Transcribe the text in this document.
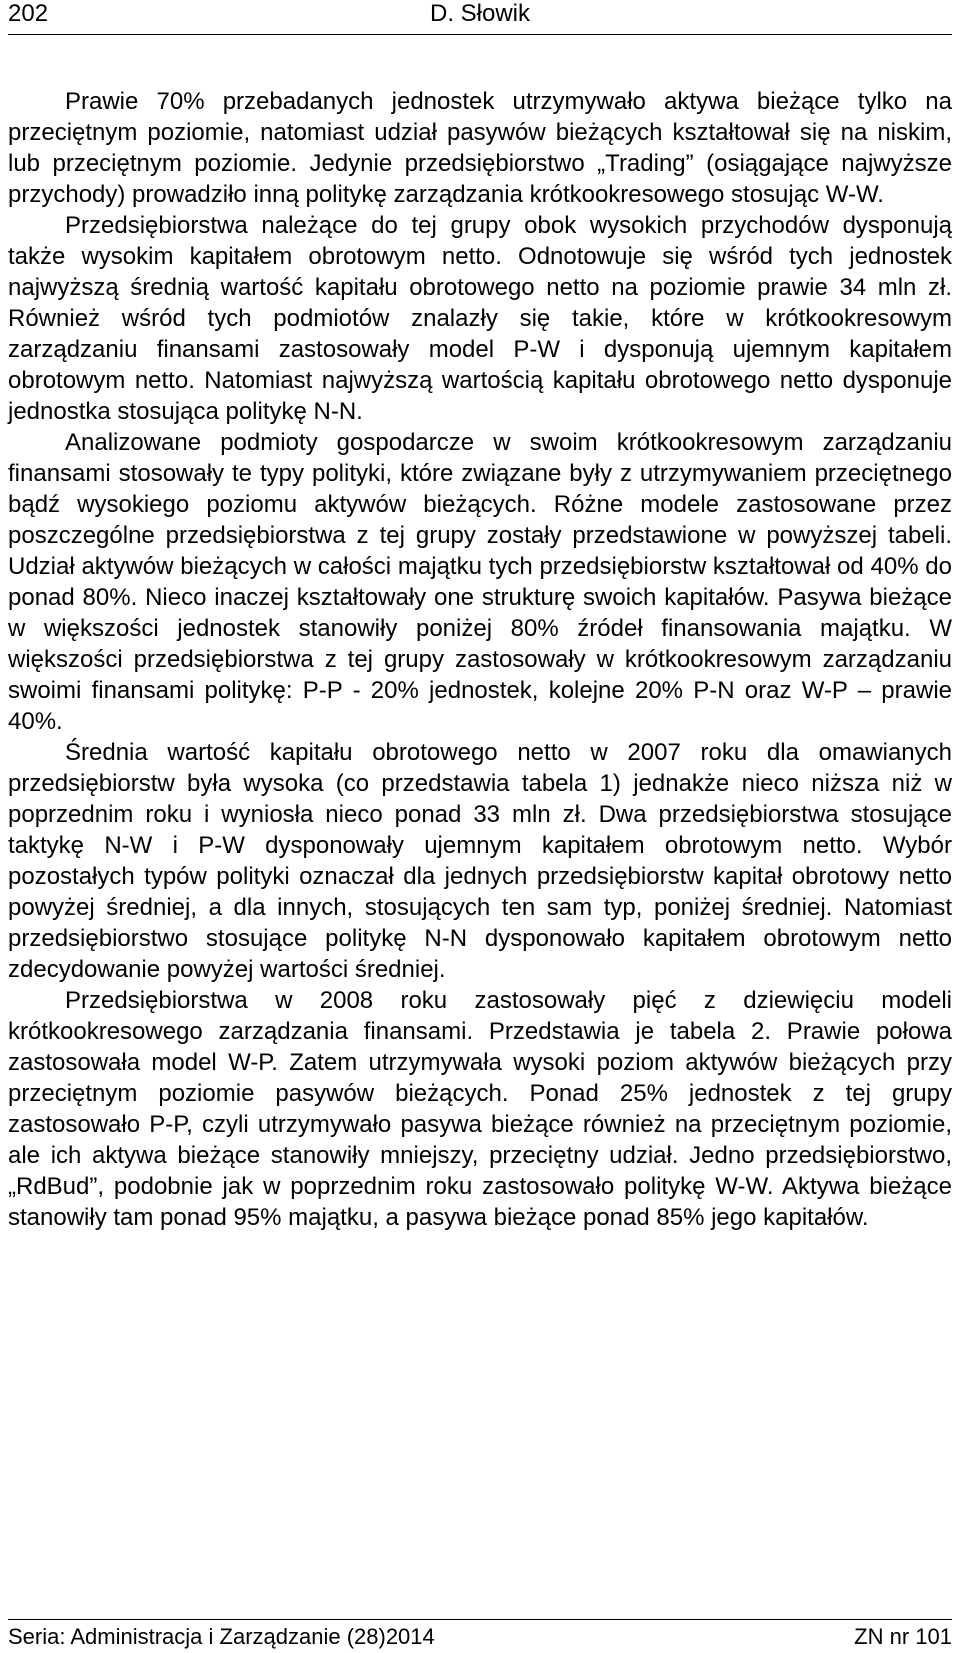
202	D. Słowik

Prawie 70% przebadanych jednostek utrzymywało aktywa bieżące tylko na przeciętnym poziomie, natomiast udział pasywów bieżących kształtował się na niskim, lub przeciętnym poziomie. Jedynie przedsiębiorstwo „Trading” (osiągające najwyższe przychody) prowadziło inną politykę zarządzania krótkookresowego stosując W-W.

Przedsiębiorstwa należące do tej grupy obok wysokich przychodów dysponują także wysokim kapitałem obrotowym netto. Odnotowuje się wśród tych jednostek najwyższą średnią wartość kapitału obrotowego netto na poziomie prawie 34 mln zł. Również wśród tych podmiotów znalazły się takie, które w krótkookresowym zarządzaniu finansami zastosowały model P-W i dysponują ujemnym kapitałem obrotowym netto. Natomiast najwyższą wartością kapitału obrotowego netto dysponuje jednostka stosująca politykę N-N.

Analizowane podmioty gospodarcze w swoim krótkookresowym zarządzaniu finansami stosowały te typy polityki, które związane były z utrzymywaniem przeciętnego bądź wysokiego poziomu aktywów bieżących. Różne modele zastosowane przez poszczególne przedsiębiorstwa z tej grupy zostały przedstawione w powyższej tabeli. Udział aktywów bieżących w całości majątku tych przedsiębiorstw kształtował od 40% do ponad 80%. Nieco inaczej kształtowały one strukturę swoich kapitałów. Pasywa bieżące w większości jednostek stanowiły poniżej 80% źródeł finansowania majątku. W większości przedsiębiorstwa z tej grupy zastosowały w krótkookresowym zarządzaniu swoimi finansami politykę: P-P - 20% jednostek, kolejne 20% P-N oraz W-P – prawie 40%.

Średnia wartość kapitału obrotowego netto w 2007 roku dla omawianych przedsiębiorstw była wysoka (co przedstawia tabela 1) jednakże nieco niższa niż w poprzednim roku i wyniosła nieco ponad 33 mln zł. Dwa przedsiębiorstwa stosujące taktykę N-W i P-W dysponowały ujemnym kapitałem obrotowym netto. Wybór pozostałych typów polityki oznaczał dla jednych przedsiębiorstw kapitał obrotowy netto powyżej średniej, a dla innych, stosujących ten sam typ, poniżej średniej. Natomiast przedsiębiorstwo stosujące politykę N-N dysponowało kapitałem obrotowym netto zdecydowanie powyżej wartości średniej.

Przedsiębiorstwa w 2008 roku zastosowały pięć z dziewięciu modeli krótkookresowego zarządzania finansami. Przedstawia je tabela 2. Prawie połowa zastosowała model W-P. Zatem utrzymywała wysoki poziom aktywów bieżących przy przeciętnym poziomie pasywów bieżących. Ponad 25% jednostek z tej grupy zastosowało P-P, czyli utrzymywało pasywa bieżące również na przeciętnym poziomie, ale ich aktywa bieżące stanowiły mniejszy, przeciętny udział. Jedno przedsiębiorstwo, „RdBud”, podobnie jak w poprzednim roku zastosowało politykę W-W. Aktywa bieżące stanowiły tam ponad 95% majątku, a pasywa bieżące ponad 85% jego kapitałów.

Seria: Administracja i Zarządzanie (28)2014	ZN nr 101
